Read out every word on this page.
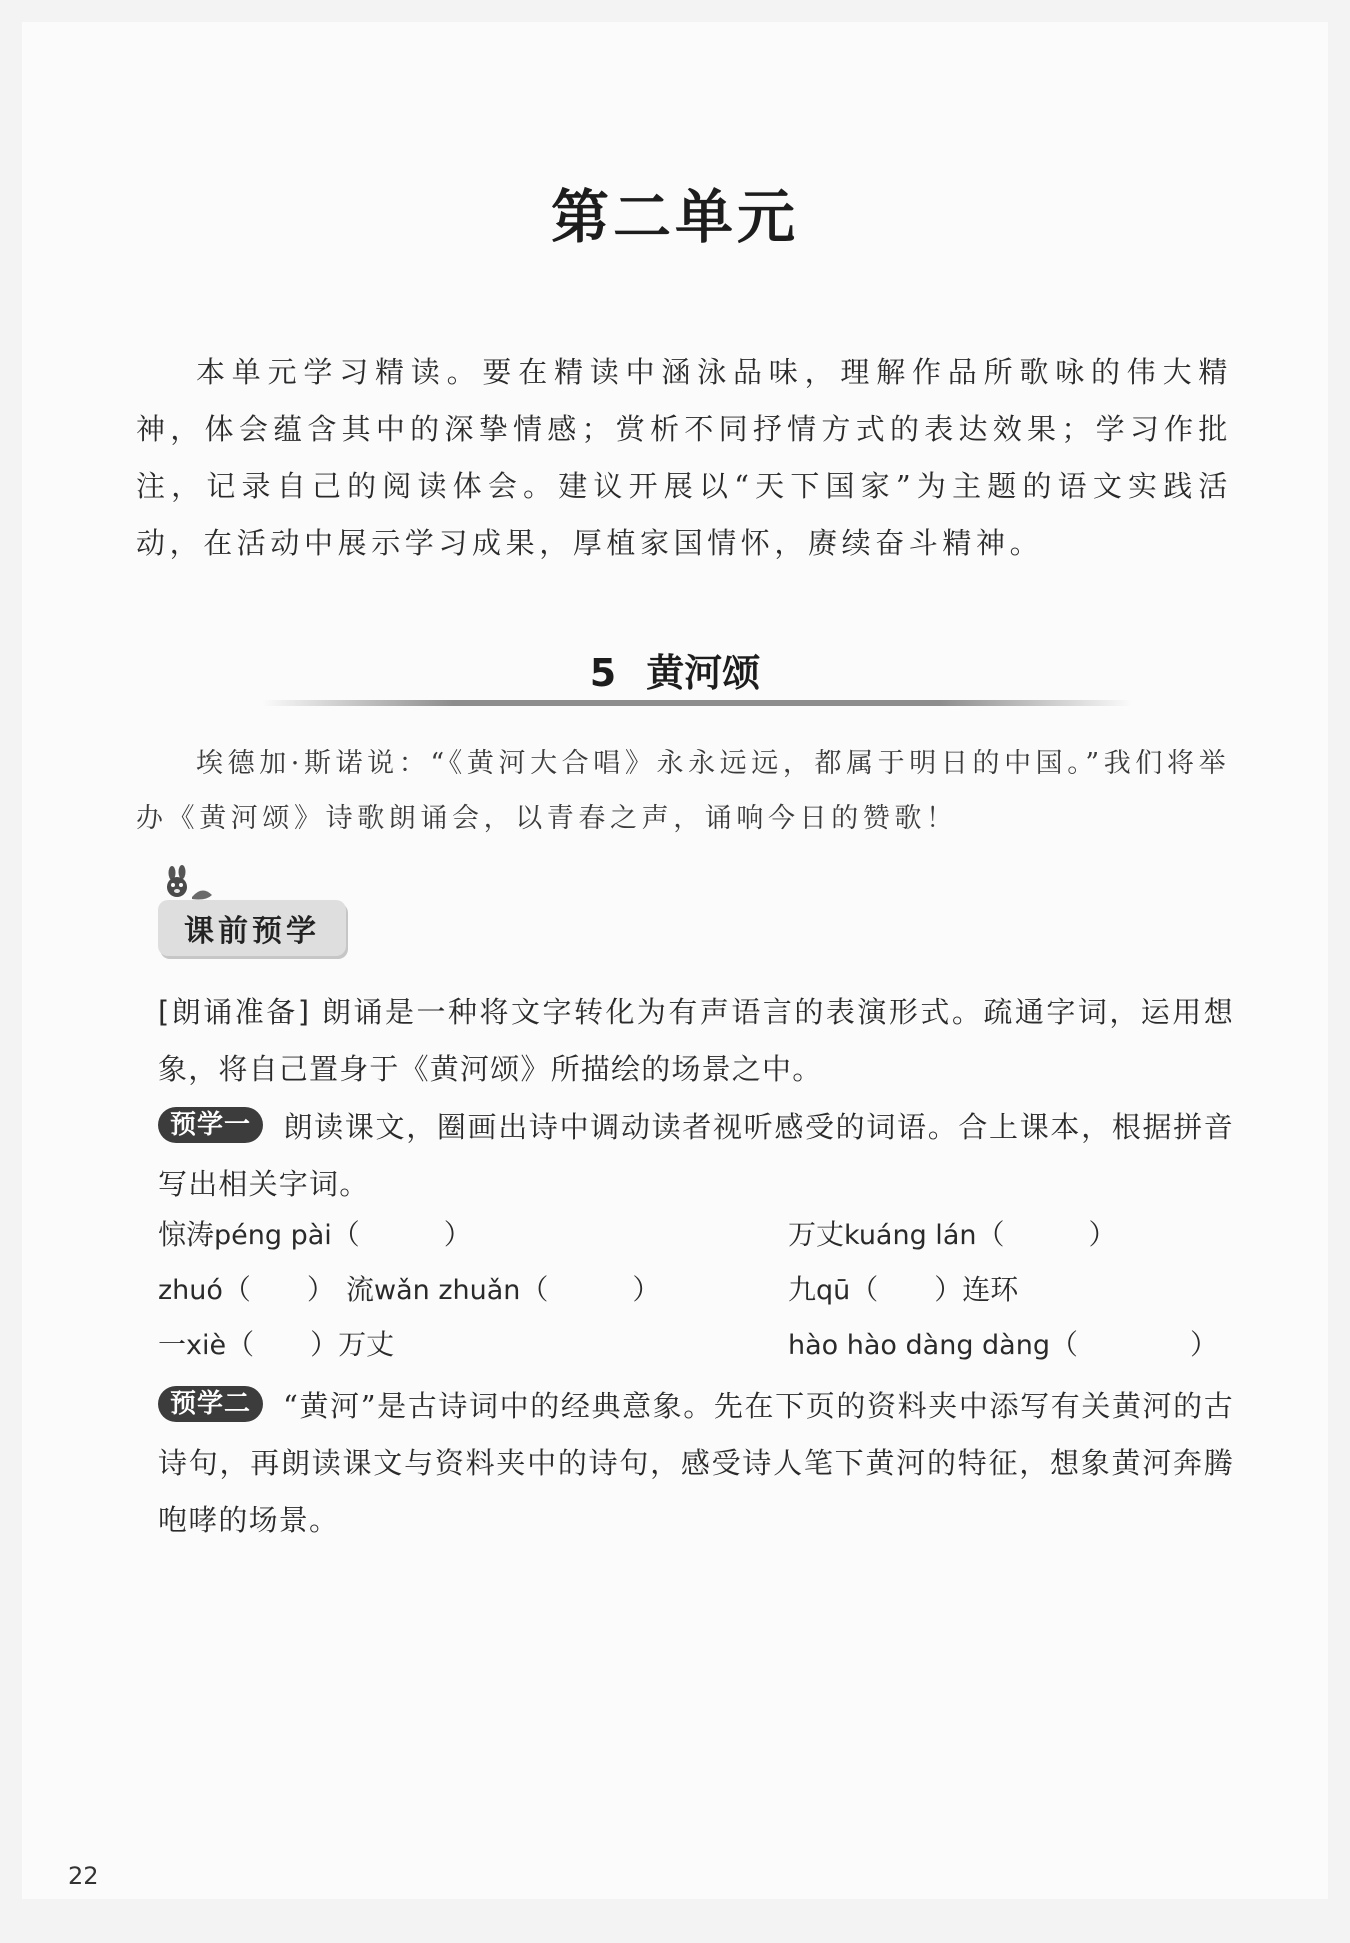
第二单元

本单元学习精读。要在精读中涵泳品味，理解作品所歌咏的伟大精神，体会蕴含其中的深挚情感；赏析不同抒情方式的表达效果；学习作批注，记录自己的阅读体会。建议开展以“天下国家”为主题的语文实践活动，在活动中展示学习成果，厚植家国情怀，赓续奋斗精神。

5 黄河颂

埃德加·斯诺说：“《黄河大合唱》永永远远，都属于明日的中国。”我们将举办《黄河颂》诗歌朗诵会，以青春之声，诵响今日的赞歌！

课前预学

[朗诵准备] 朗诵是一种将文字转化为有声语言的表演形式。疏通字词，运用想象，将自己置身于《黄河颂》所描绘的场景之中。

预学一 朗读课文，圈画出诗中调动读者视听感受的词语。合上课本，根据拼音写出相关字词。

惊涛péng pài（　　　）	万丈kuáng lán（　　　）
zhuó（　　） 流wǎn zhuǎn（　　　）	九qū（　　）连环
一xiè（　　）万丈	hào hào dàng dàng（　　　　）

预学二 “黄河”是古诗词中的经典意象。先在下页的资料夹中添写有关黄河的古诗句，再朗读课文与资料夹中的诗句，感受诗人笔下黄河的特征，想象黄河奔腾咆哮的场景。

22
